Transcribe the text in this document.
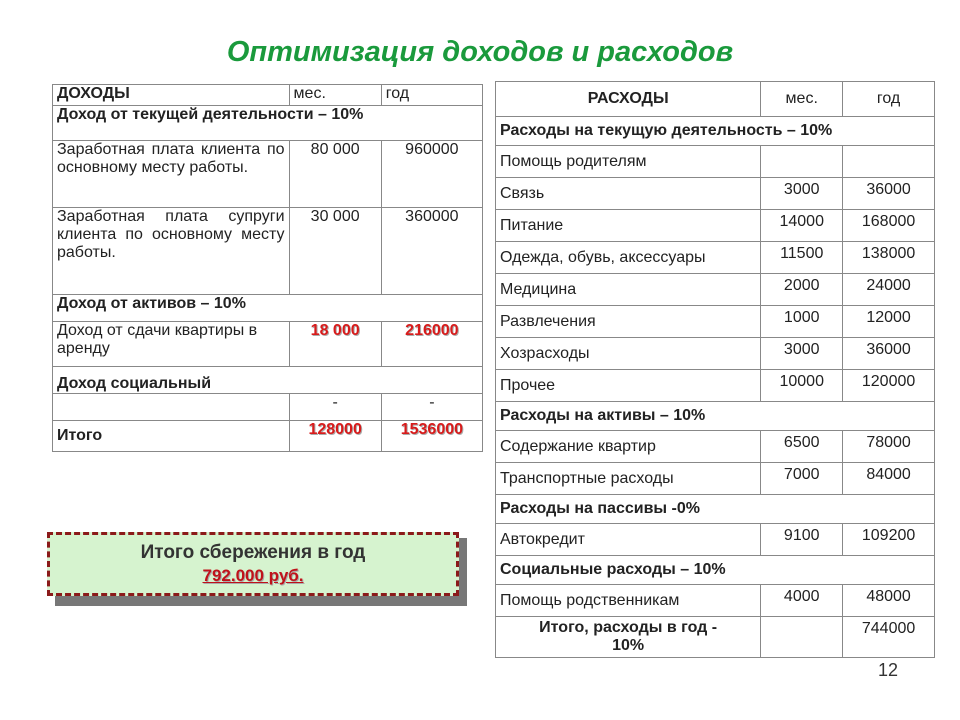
Оптимизация доходов и расходов
ДОХОДЫ	мес.	год
Доход от текущей деятельности – 10%		
Заработная плата клиента по основному месту работы.	80 000	960000
Заработная плата супруги клиента по основному месту работы.	30 000	360000
Доход от активов – 10%		
Доход от сдачи квартиры в аренду	18 000	216000
Доход социальный		
	-	-
Итого	128000	1536000
РАСХОДЫ	мес.	год
Расходы на текущую деятельность – 10%		
Помощь родителям		
Связь	3000	36000
Питание	14000	168000
Одежда, обувь, аксессуары	11500	138000
Медицина	2000	24000
Развлечения	1000	12000
Хозрасходы	3000	36000
Прочее	10000	120000
Расходы на активы – 10%		
Содержание квартир	6500	78000
Транспортные расходы	7000	84000
Расходы на пассивы -0%		
Автокредит	9100	109200
Социальные расходы – 10%		
Помощь родственникам	4000	48000
Итого, расходы в год - 10%		744000
Итого сбережения в год
792.000 руб.
12
